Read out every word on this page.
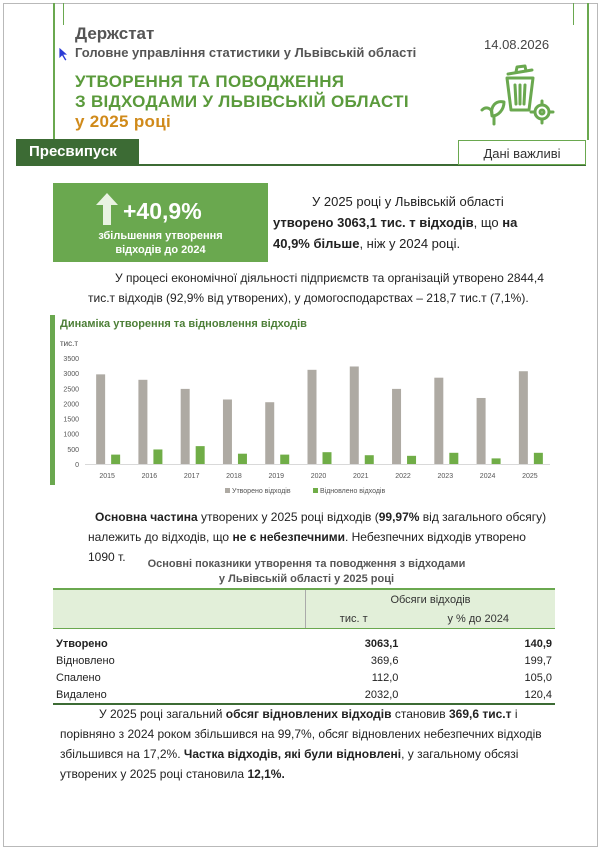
Держстат
Головне управління статистики у Львівській області
14.08.2026
УТВОРЕННЯ ТА ПОВОДЖЕННЯ
З ВІДХОДАМИ У ЛЬВІВСЬКІЙ ОБЛАСТІ
у 2025 році
Пресвипуск	Дані важливі
+40,9%
збільшення утворення відходів до 2024
У 2025 році у Львівській області утворено 3063,1 тис. т відходів, що на 40,9% більше, ніж у 2024 році.
У процесі економічної діяльності підприємств та організацій утворено 2844,4 тис.т відходів (92,9% від утворених), у домогосподарствах – 218,7 тис.т (7,1%).
Динаміка утворення та відновлення відходів
тис.т
0
500
1000
1500
2000
2500
3000
3500
2015	2016	2017	2018	2019	2020	2021	2022	2023	2024	2025
Утворено відходів	Відновлено відходів
Основна частина утворених у 2025 році відходів (99,97% від загального обсягу) належить до відходів, що не є небезпечними. Небезпечних відходів утворено 1090 т.	Основні показники утворення та поводження з відходами
у Львівській області у 2025 році
	Обсяги відходів	
	тис. т	у % до 2024
Утворено	3063,1	140,9
Відновлено	369,6	199,7
Спалено	112,0	105,0
Видалено	2032,0	120,4
У 2025 році загальний обсяг відновлених відходів становив 369,6 тис.т і порівняно з 2024 роком збільшився на 99,7%, обсяг відновлених небезпечних відходів збільшився на 17,2%. Частка відходів, які були відновлені, у загальному обсязі утворених у 2025 році становила 12,1%.
